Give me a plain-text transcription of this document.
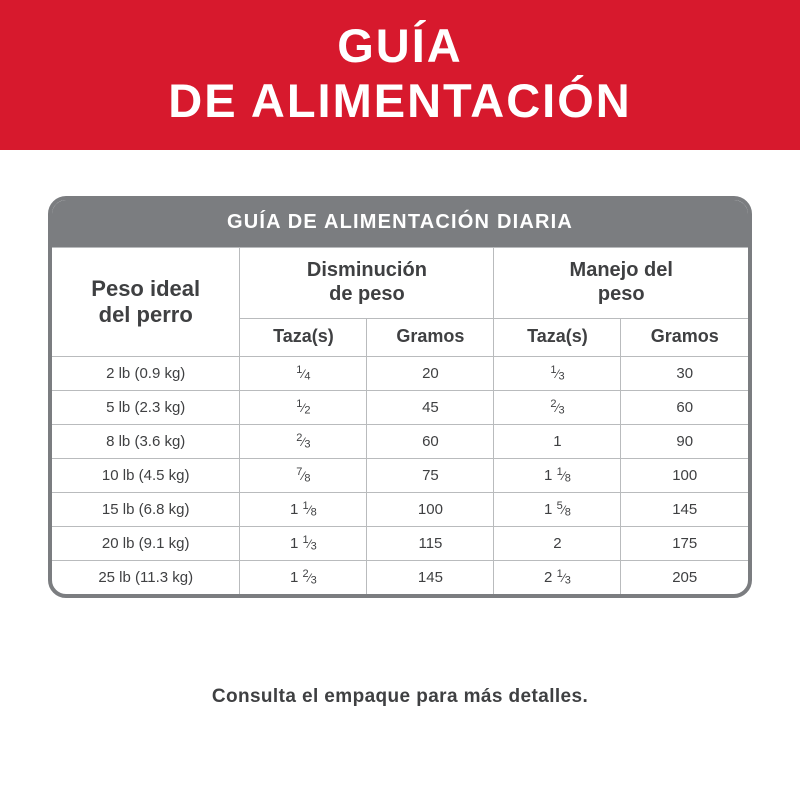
GUÍA
DE ALIMENTACIÓN
GUÍA DE ALIMENTACIÓN DIARIA
Peso ideal
del perro

Disminución
de peso

Manejo del
peso

	Taza(s)	Gramos	Taza(s)	Gramos
2 lb (0.9 kg)	$^1⁄_4$	20	$^1⁄_3$	30
5 lb (2.3 kg)	$^1⁄_2$	45	$^2⁄_3$	60
8 lb (3.6 kg)	$^2⁄_3$	60	1	90
10 lb (4.5 kg)	$^7⁄_8$	75	1 $^1⁄_8$	100
15 lb (6.8 kg)	1 $^1⁄_8$	100	1 $^5⁄_8$	145
20 lb (9.1 kg)	1 $^1⁄_3$	115	2	175
25 lb (11.3 kg)	1 $^2⁄_3$	145	2 $^1⁄_3$	205
Consulta el empaque para más detalles.
